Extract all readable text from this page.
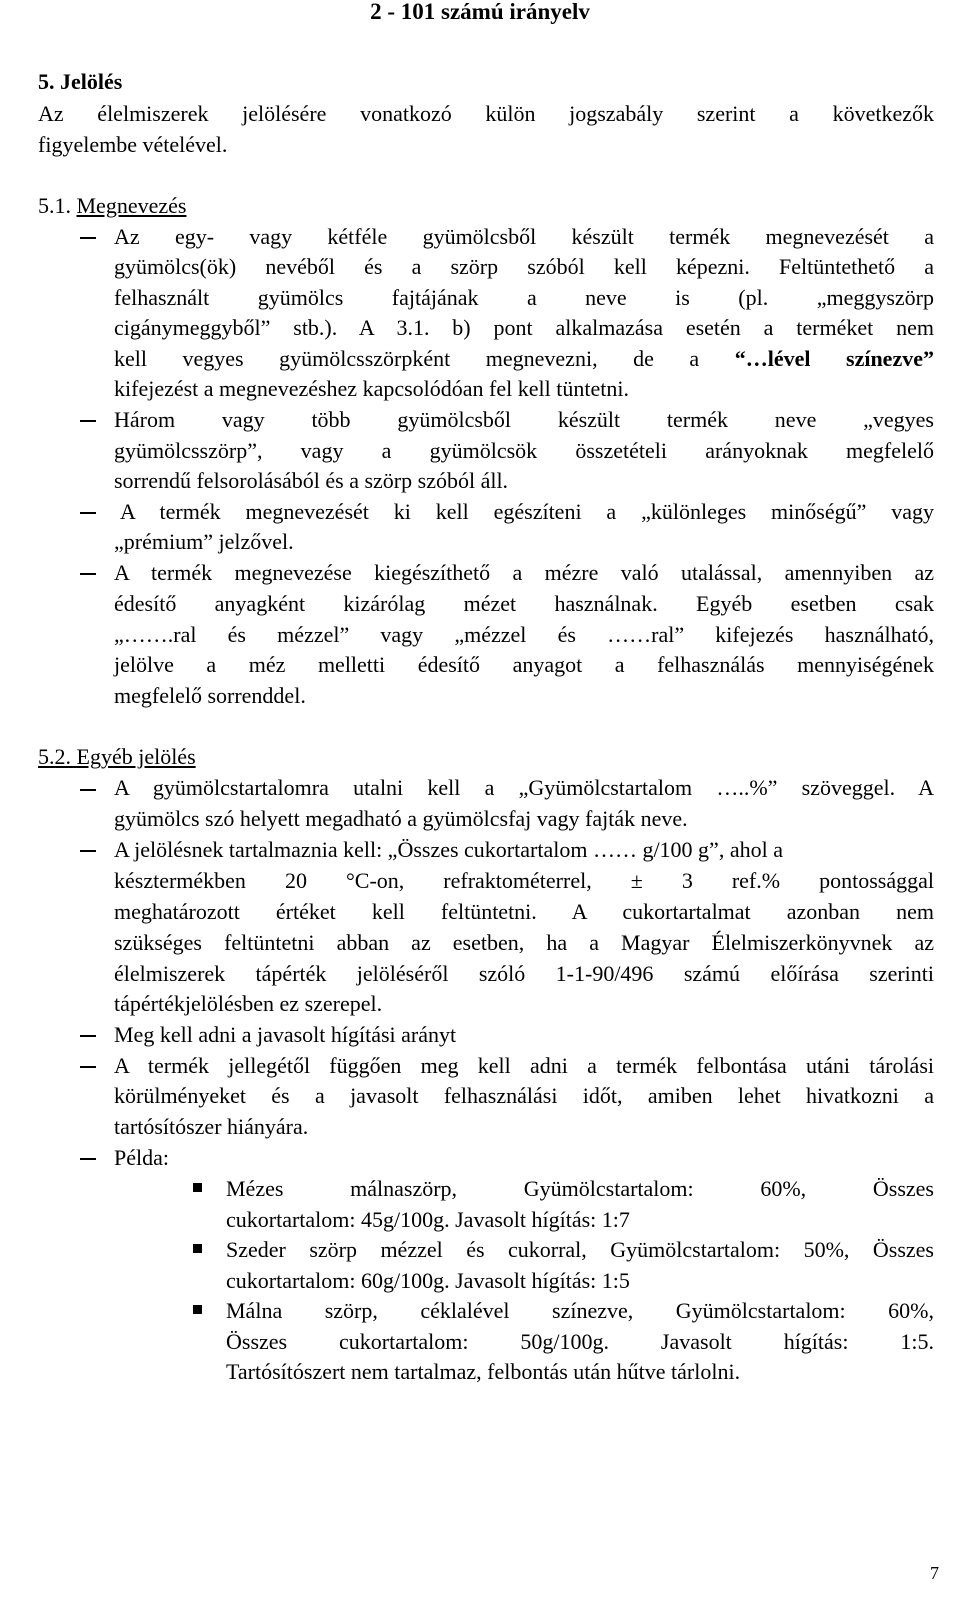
2 - 101 számú irányelv
5. Jelölés
Az élelmiszerek jelölésére vonatkozó külön jogszabály szerint a következők
figyelembe vételével.
5.1. Megnevezés
Az egy- vagy kétféle gyümölcsből készült termék megnevezését a
gyümölcs(ök) nevéből és a szörp szóból kell képezni. Feltüntethető a
felhasznált gyümölcs fajtájának a neve is (pl. „meggyszörp
cigánymeggyből” stb.). A 3.1. b) pont alkalmazása esetén a terméket nem
kell vegyes gyümölcsszörpként megnevezni, de a “…lével színezve”
kifejezést a megnevezéshez kapcsolódóan fel kell tüntetni.
Három vagy több gyümölcsből készült termék neve „vegyes
gyümölcsszörp”, vagy a gyümölcsök összetételi arányoknak megfelelő
sorrendű felsorolásából és a szörp szóból áll.
A termék megnevezését ki kell egészíteni a „különleges minőségű” vagy
„prémium” jelzővel.
A termék megnevezése kiegészíthető a mézre való utalással, amennyiben az
édesítő anyagként kizárólag mézet használnak. Egyéb esetben csak
„…….ral és mézzel” vagy „mézzel és ……ral” kifejezés használható,
jelölve a méz melletti édesítő anyagot a felhasználás mennyiségének
megfelelő sorrenddel.
5.2. Egyéb jelölés
A gyümölcstartalomra utalni kell a „Gyümölcstartalom …..%” szöveggel. A
gyümölcs szó helyett megadható a gyümölcsfaj vagy fajták neve.
A jelölésnek tartalmaznia kell: „Összes cukortartalom …… g/100 g”, ahol a
késztermékben 20 °C-on, refraktométerrel, ± 3 ref.% pontossággal
meghatározott értéket kell feltüntetni. A cukortartalmat azonban nem
szükséges feltüntetni abban az esetben, ha a Magyar Élelmiszerkönyvnek az
élelmiszerek tápérték jelöléséről szóló 1-1-90/496 számú előírása szerinti
tápértékjelölésben ez szerepel.
Meg kell adni a javasolt hígítási arányt
A termék jellegétől függően meg kell adni a termék felbontása utáni tárolási
körülményeket és a javasolt felhasználási időt, amiben lehet hivatkozni a
tartósítószer hiányára.
Példa:
Mézes málnaszörp, Gyümölcstartalom: 60%, Összes
cukortartalom: 45g/100g. Javasolt hígítás: 1:7
Szeder szörp mézzel és cukorral, Gyümölcstartalom: 50%, Összes
cukortartalom: 60g/100g. Javasolt hígítás: 1:5
Málna szörp, céklalével színezve, Gyümölcstartalom: 60%,
Összes cukortartalom: 50g/100g. Javasolt hígítás: 1:5.
Tartósítószert nem tartalmaz, felbontás után hűtve tárlolni.
7
